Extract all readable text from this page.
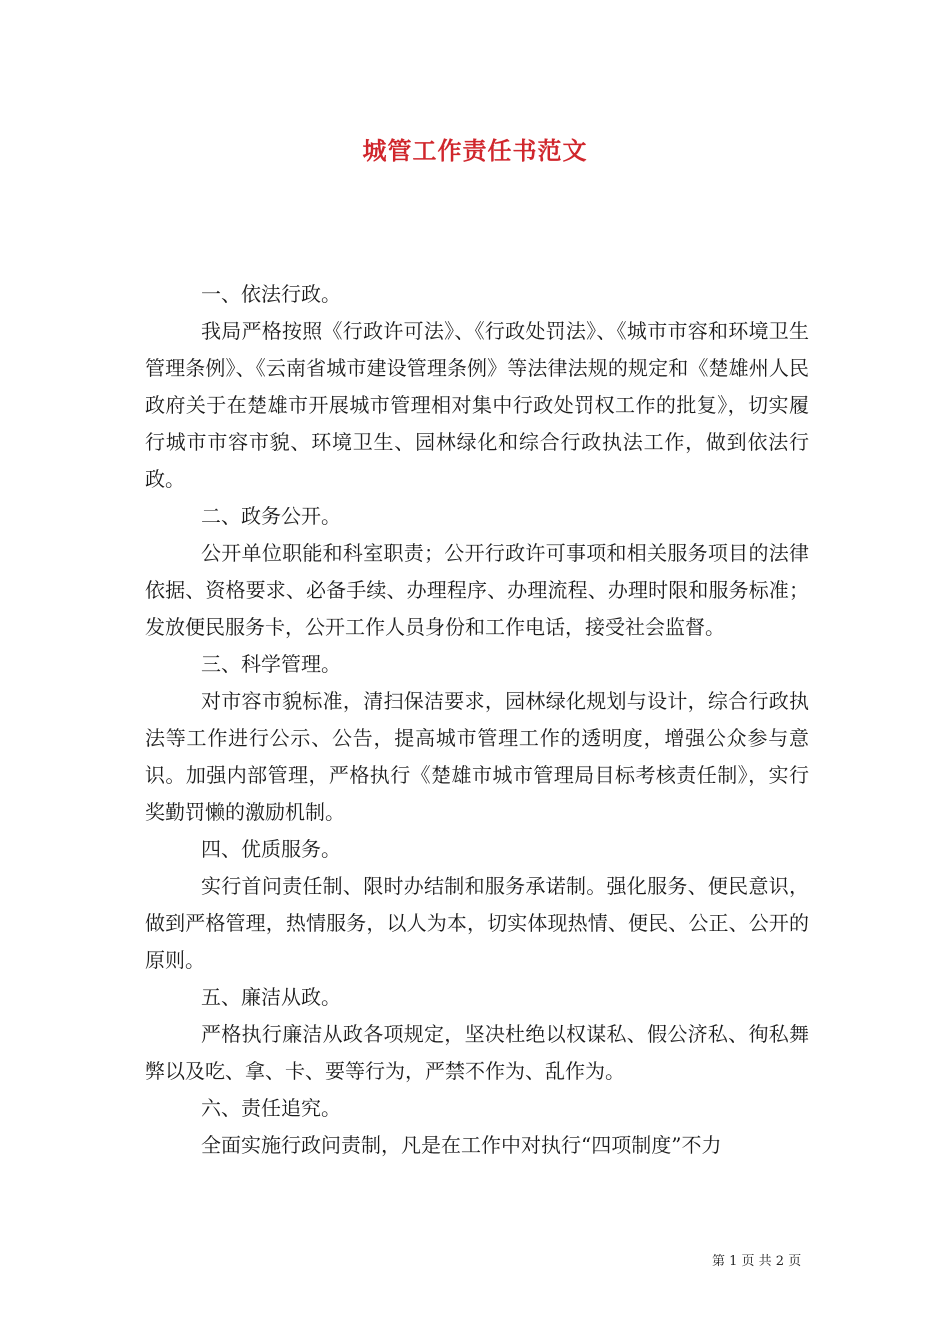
城管工作责任书范文

一、依法行政。

我局严格按照《行政许可法》、《行政处罚法》、《城市市容和环境卫生管理条例》、《云南省城市建设管理条例》等法律法规的规定和《楚雄州人民政府关于在楚雄市开展城市管理相对集中行政处罚权工作的批复》，切实履行城市市容市貌、环境卫生、园林绿化和综合行政执法工作，做到依法行政。

二、政务公开。

公开单位职能和科室职责；公开行政许可事项和相关服务项目的法律依据、资格要求、必备手续、办理程序、办理流程、办理时限和服务标准；发放便民服务卡，公开工作人员身份和工作电话，接受社会监督。

三、科学管理。

对市容市貌标准，清扫保洁要求，园林绿化规划与设计，综合行政执法等工作进行公示、公告，提高城市管理工作的透明度，增强公众参与意识。加强内部管理，严格执行《楚雄市城市管理局目标考核责任制》，实行奖勤罚懒的激励机制。

四、优质服务。

实行首问责任制、限时办结制和服务承诺制。强化服务、便民意识，做到严格管理，热情服务，以人为本，切实体现热情、便民、公正、公开的原则。

五、廉洁从政。

严格执行廉洁从政各项规定，坚决杜绝以权谋私、假公济私、徇私舞弊以及吃、拿、卡、要等行为，严禁不作为、乱作为。

六、责任追究。

全面实施行政问责制，凡是在工作中对执行“四项制度”不力

第 1 页 共 2 页
